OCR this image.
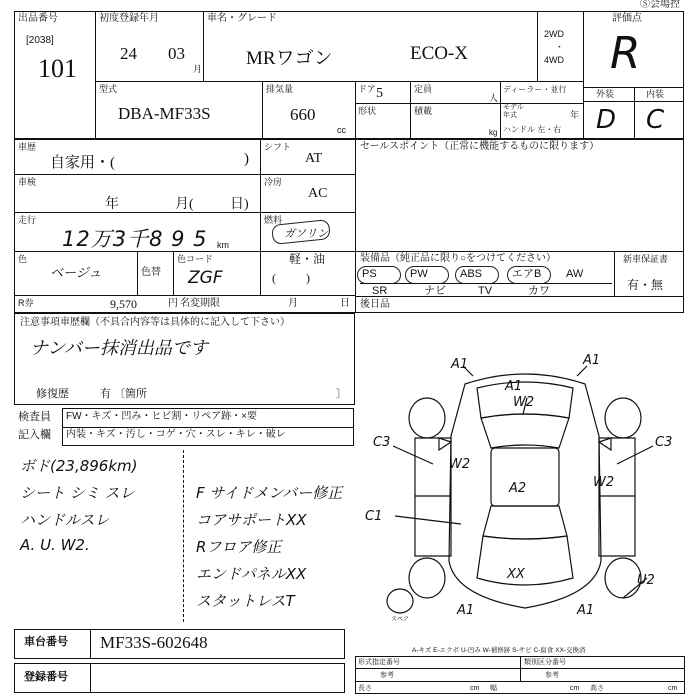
Ⓢ会場控
出品番号
[2038]
101
初度登録年月
24 03
月
車名・グレード
MRワゴン	ECO-X
2WD
・
4WD
評価点
R
型式
DBA-MF33S
排気量
660
cc
ドア 5	定員
人
形状	積載
kg
ディーラー・並行
モデル年式	年
ハンドル 左・右
外装	内装
D C
車歴
自家用・(	)
シフト
AT
車検
年	月(	日)
冷房
AC
走行
12万3千8 9 5 km
燃料
ガソリン
軽・油
(          )
色
ベージュ	色替
色コード
ZGF
R券	9,570	円 名変期限	月	日
セールスポイント（正常に機能するものに限ります）
装備品（純正品に限り○をつけてください）	新車保証書
有・無
PS	PW	ABS	エアB AW
SR	ナビ	TV	カワ
後日品
注意事項車歴欄（不具合内容等は具体的に記入して下さい）
ナンバー抹消出品です
修復歴	有 〔箇所	〕
検査員 FW・キズ・凹み・ヒビ割・リペア跡・×要
記入欄 内装・キズ・汚し・コゲ・穴・スレ・キレ・破レ
ボド(23,896km)
シート シミ スレ
ハンドルスレ
A. U. W2.
F サイドメンバー修正
コアサポートXX
Rフロア修正
エンドパネルXX
スタットレスT
A1	A1
W2
A1
C3	C3
W2
A2	W2
C1
XX	U2
A1	A1
スペア
車台番号 MF33S-602648
登録番号
A-キズ E-エクボ U-凹み W-補修跡 S-サビ C-腐食 XX-交換済
形式指定番号	類別区分番号
参考	参考
長さ	cm 幅	cm 高さ	cm
